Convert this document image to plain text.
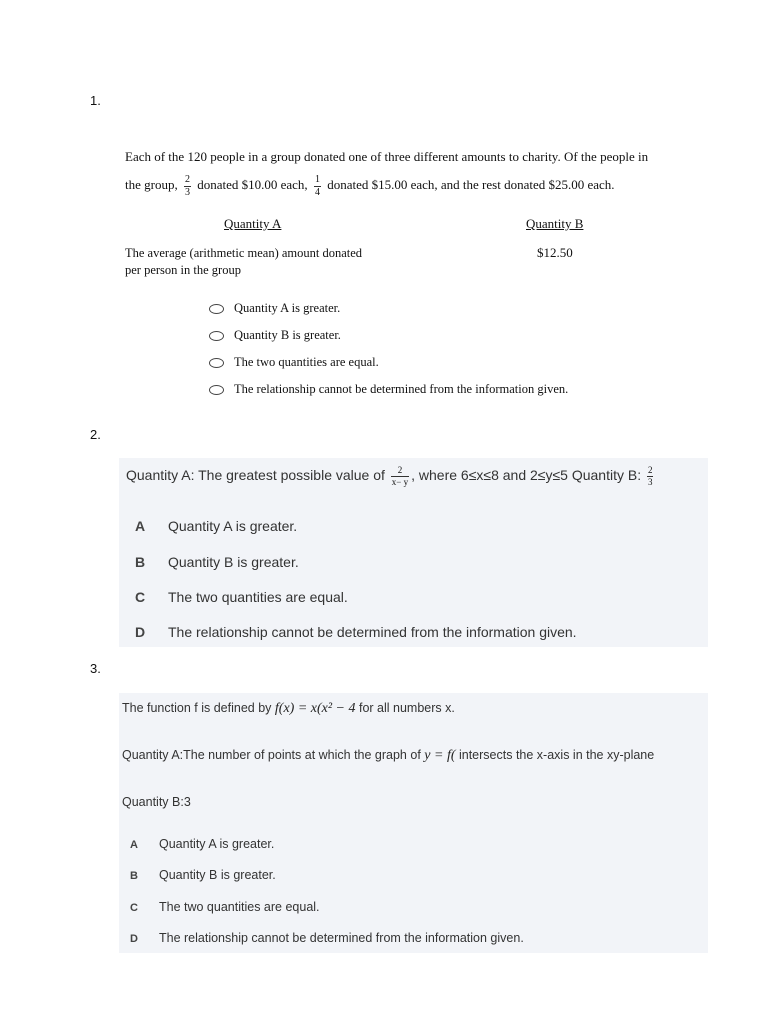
1.
Each of the 120 people in a group donated one of three different amounts to charity. Of the people in
the group, $\frac{2}{3}$ donated $10.00 each, $\frac{1}{4}$ donated $15.00 each, and the rest donated $25.00 each.
Quantity A	Quantity B
The average (arithmetic mean) amount donated
per person in the group
$12.50
Quantity A is greater.
Quantity B is greater.
The two quantities are equal.
The relationship cannot be determined from the information given.
2.
Quantity A: The greatest possible value of $\frac{2}{x- y}$ , where 6≤x≤8 and 2≤y≤5 Quantity B: $\frac{2}{3}$
A Quantity A is greater.
B Quantity B is greater.
C The two quantities are equal.
D The relationship cannot be determined from the information given.
3.
The function f is defined by f(x) = x(x² − 4 for all numbers x.
Quantity A:The number of points at which the graph of y = f( intersects the x-axis in the xy-plane
Quantity B:3
A Quantity A is greater.
B Quantity B is greater.
C The two quantities are equal.
D The relationship cannot be determined from the information given.
